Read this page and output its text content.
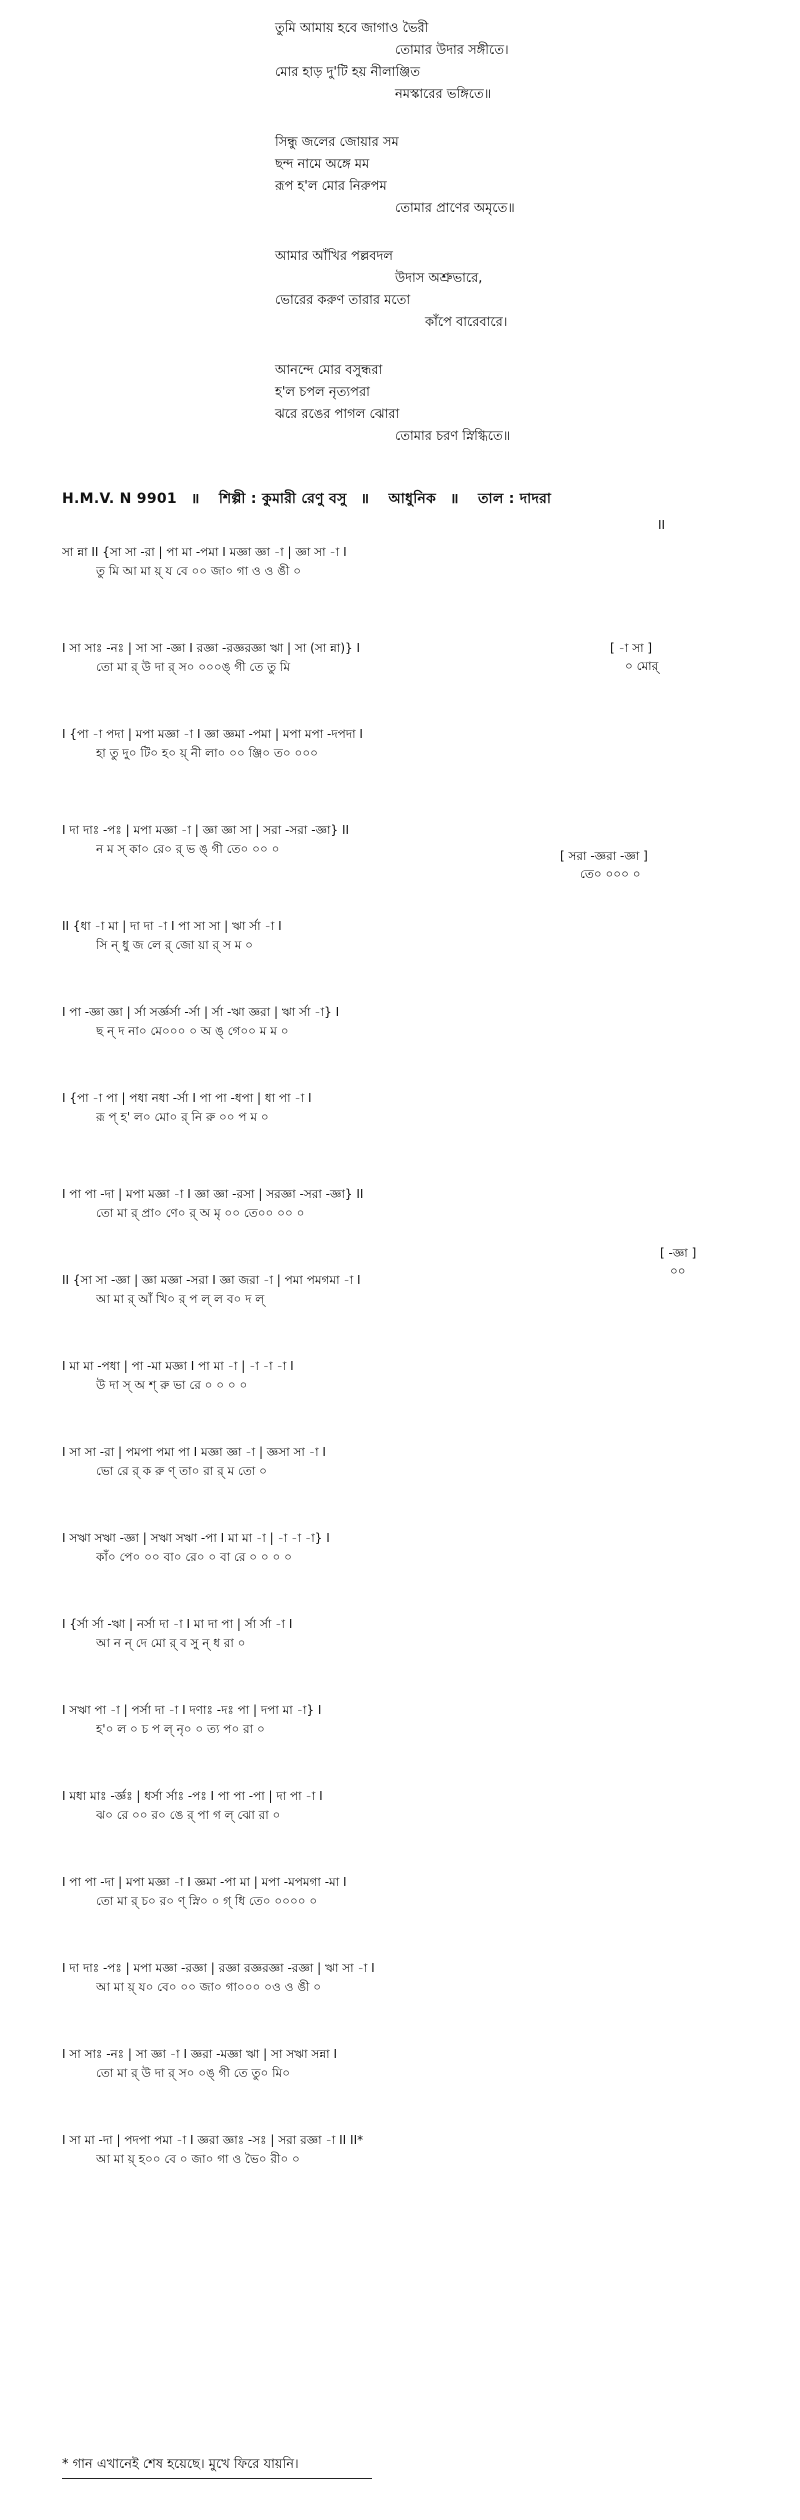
তুমি আমায় হবে জাগাও ভৈরী
তোমার উদার সঙ্গীতে।
মোর হাড় দু'টি হয় নীলাঞ্জিত
নমস্কারের ভঙ্গিতে॥
সিন্ধু জলের জোয়ার সম
ছন্দ নামে অঙ্গে মম
রূপ হ'ল মোর নিরুপম
তোমার প্রাণের অমৃতে॥
আমার আঁখির পল্লবদল
উদাস অশ্রুভারে,
ভোরের করুণ তারার মতো
কাঁপে বারেবারে।
আনন্দে মোর বসুন্ধরা
হ'ল চপল নৃত্যপরা
ঝরে রঙের পাগল ঝোরা
তোমার চরণ স্নিগ্ধিতে॥
H.M.V. N 9901 ॥ শিল্পী : কুমারী রেণু বসু ॥ আধুনিক ॥ তাল : দাদরা
II
[ -া সা ]
০ মোর্
[ সরা -জ্ঞরা -জ্ঞা ]
তে০ ০০০ ০
[ -জ্ঞা ]
০০
সা ন্না II {সা সা -রা | পা মা -পমা I মজ্ঞা জ্ঞা -া | জ্ঞা সা -া I
তু মি আ মা য়্ য বে ০০ জা০ গা ও ও ঙী ০
I সা সাঃ -নঃ | সা সা -জ্ঞা I রজ্ঞা -রজ্ঞরজ্ঞা ঋা | সা (সা ন্না)} I
তো মা র্ উ দা র্ স০ ০০০ঙ্ গী তে তু মি
I {পা -া পদা | মপা মজ্ঞা -া I জ্ঞা জ্ঞমা -পমা | মপা মপা -দপদা I
হা তু দু০ টি০ হ০ য়্ নী লা০ ০০ ঞ্জি০ ত০ ০০০
I দা দাঃ -পঃ | মপা মজ্ঞা -া | জ্ঞা জ্ঞা সা | সরা -সরা -জ্ঞা} II
ন ম স্ কা০ রে০ র্ ভ ঙ্ গী তে০ ০০ ০
II {ধা -া মা | দা দা -া I পা সা সা | ঋা র্সা -া I
সি ন্ ধু জ লে র্ জো য়া র্ স ম ০
I পা -জ্ঞা জ্ঞা | র্সা সর্জ্ঞর্সা -র্সা | র্সা -ঋা জ্ঞরা | ঋা র্সা -া} I
ছ ন্ দ না০ মে০০০ ০ অ ঙ্ গে০০ ম ম ০
I {পা -া পা | পধা নধা -র্সা I পা পা -ধপা | ধা পা -া I
রূ প্ হ' ল০ মো০ র্ নি রু ০০ প ম ০
I পা পা -দা | মপা মজ্ঞা -া I জ্ঞা জ্ঞা -রসা | সরজ্ঞা -সরা -জ্ঞা} II
তো মা র্ প্রা০ ণে০ র্ অ মৃ ০০ তে০০ ০০ ০
II {সা সা -জ্ঞা | জ্ঞা মজ্ঞা -সরা I জ্ঞা জরা -া | পমা পমগমা -া I
আ মা র্ আঁ খি০ র্ প ল্ ল ব০ দ ল্
I মা মা -পধা | পা -মা মজ্ঞা I পা মা -া | -া -া -া I
উ দা স্ অ শ্ রু ভা রে ০ ০ ০ ০
I সা সা -রা | পমপা পমা পা I মজ্ঞা জ্ঞা -া | জ্ঞসা সা -া I
ভো রে র্ ক রু ণ্ তা০ রা র্ ম তো ০
I সঋা সঋা -জ্ঞা | সঋা সঋা -পা I মা মা -া | -া -া -া} I
কাঁ০ পে০ ০০ বা০ রে০ ০ বা রে ০ ০ ০ ০
I {র্সা র্সা -ঋা | নর্সা দা -া I মা দা পা | র্সা র্সা -া I
আ ন ন্ দে মো র্ ব সু ন্ ধ রা ০
I সঋা পা -া | পর্সা দা -া I দণাঃ -দঃ পা | দপা মা -া} I
হ'০ ল ০ চ প ল্ নৃ০ ০ ত্য প০ রা ০
I মধা মাঃ -র্জ্ঞঃ | ধর্সা র্সাঃ -পঃ I পা পা -পা | দা পা -া I
ঝ০ রে ০০ র০ ঙে র্ পা গ ল্ ঝো রা ০
I পা পা -দা | মপা মজ্ঞা -া I জ্ঞমা -পা মা | মপা -মপমগা -মা I
তো মা র্ চ০ র০ ণ্ স্নি০ ০ গ্ ধি তে০ ০০০০ ০
I দা দাঃ -পঃ | মপা মজ্ঞা -রজ্ঞা | রজ্ঞা রজ্ঞরজ্ঞা -রজ্ঞা | ঋা সা -া I
আ মা য়্ য০ বে০ ০০ জা০ গা০০০ ০ও ও ঙী ০
I সা সাঃ -নঃ | সা জ্ঞা -া I জ্ঞরা -মজ্ঞা ঋা | সা সঋা সন্না I
তো মা র্ উ দা র্ স০ ০ঙ্ গী তে তু০ মি০
I সা মা -দা | পদপা পমা -া I জ্ঞরা জ্ঞাঃ -সঃ | সরা রজ্ঞা -া II II*
আ মা য়্ হ০০ বে ০ জা০ গা ও ভৈ০ রী০ ০
* গান এখানেই শেষ হয়েছে। মুখে ফিরে যায়নি।
